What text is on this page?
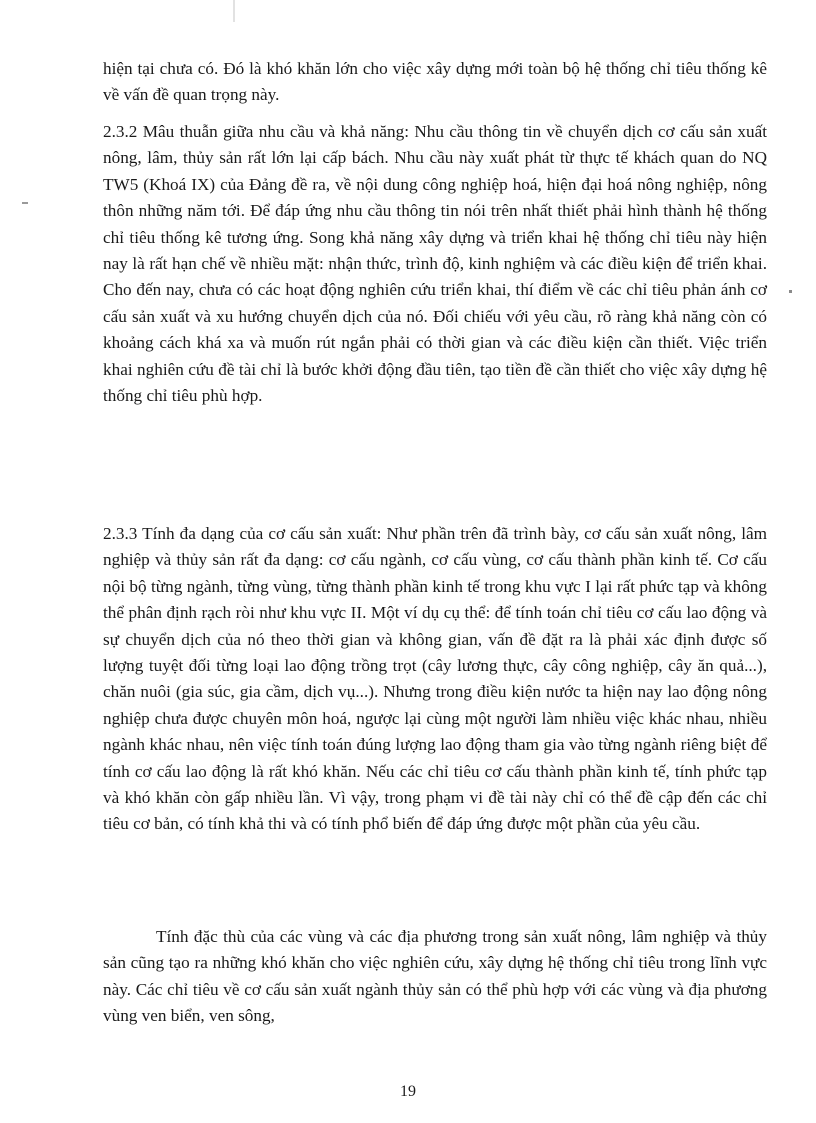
hiện tại chưa có. Đó là khó khăn lớn cho việc xây dựng mới toàn bộ hệ thống chỉ tiêu thống kê về vấn đề quan trọng này.

2.3.2 Mâu thuẫn giữa nhu cầu và khả năng: Nhu cầu thông tin về chuyển dịch cơ cấu sản xuất nông, lâm, thủy sản rất lớn lại cấp bách. Nhu cầu này xuất phát từ thực tế khách quan do NQ TW5 (Khoá IX) của Đảng đề ra, về nội dung công nghiệp hoá, hiện đại hoá nông nghiệp, nông thôn những năm tới. Để đáp ứng nhu cầu thông tin nói trên nhất thiết phải hình thành hệ thống chỉ tiêu thống kê tương ứng. Song khả năng xây dựng và triển khai hệ thống chỉ tiêu này hiện nay là rất hạn chế về nhiều mặt: nhận thức, trình độ, kinh nghiệm và các điều kiện để triển khai. Cho đến nay, chưa có các hoạt động nghiên cứu triển khai, thí điểm về các chỉ tiêu phản ánh cơ cấu sản xuất và xu hướng chuyển dịch của nó. Đối chiếu với yêu cầu, rõ ràng khả năng còn có khoảng cách khá xa và muốn rút ngắn phải có thời gian và các điều kiện cần thiết. Việc triển khai nghiên cứu đề tài chỉ là bước khởi động đầu tiên, tạo tiền đề cần thiết cho việc xây dựng hệ thống chỉ tiêu phù hợp.

2.3.3 Tính đa dạng của cơ cấu sản xuất: Như phần trên đã trình bày, cơ cấu sản xuất nông, lâm nghiệp và thủy sản rất đa dạng: cơ cấu ngành, cơ cấu vùng, cơ cấu thành phần kinh tế. Cơ cấu nội bộ từng ngành, từng vùng, từng thành phần kinh tế trong khu vực I lại rất phức tạp và không thể phân định rạch ròi như khu vực II. Một ví dụ cụ thể: để tính toán chỉ tiêu cơ cấu lao động và sự chuyển dịch của nó theo thời gian và không gian, vấn đề đặt ra là phải xác định được số lượng tuyệt đối từng loại lao động trồng trọt (cây lương thực, cây công nghiệp, cây ăn quả...), chăn nuôi (gia súc, gia cầm, dịch vụ...). Nhưng trong điều kiện nước ta hiện nay lao động nông nghiệp chưa được chuyên môn hoá, ngược lại cùng một người làm nhiều việc khác nhau, nhiều ngành khác nhau, nên việc tính toán đúng lượng lao động tham gia vào từng ngành riêng biệt để tính cơ cấu lao động là rất khó khăn. Nếu các chỉ tiêu cơ cấu thành phần kinh tế, tính phức tạp và khó khăn còn gấp nhiều lần. Vì vậy, trong phạm vi đề tài này chỉ có thể đề cập đến các chỉ tiêu cơ bản, có tính khả thi và có tính phổ biến để đáp ứng được một phần của yêu cầu.

Tính đặc thù của các vùng và các địa phương trong sản xuất nông, lâm nghiệp và thủy sản cũng tạo ra những khó khăn cho việc nghiên cứu, xây dựng hệ thống chỉ tiêu trong lĩnh vực này. Các chỉ tiêu về cơ cấu sản xuất ngành thủy sản có thể phù hợp với các vùng và địa phương vùng ven biển, ven sông,

19
